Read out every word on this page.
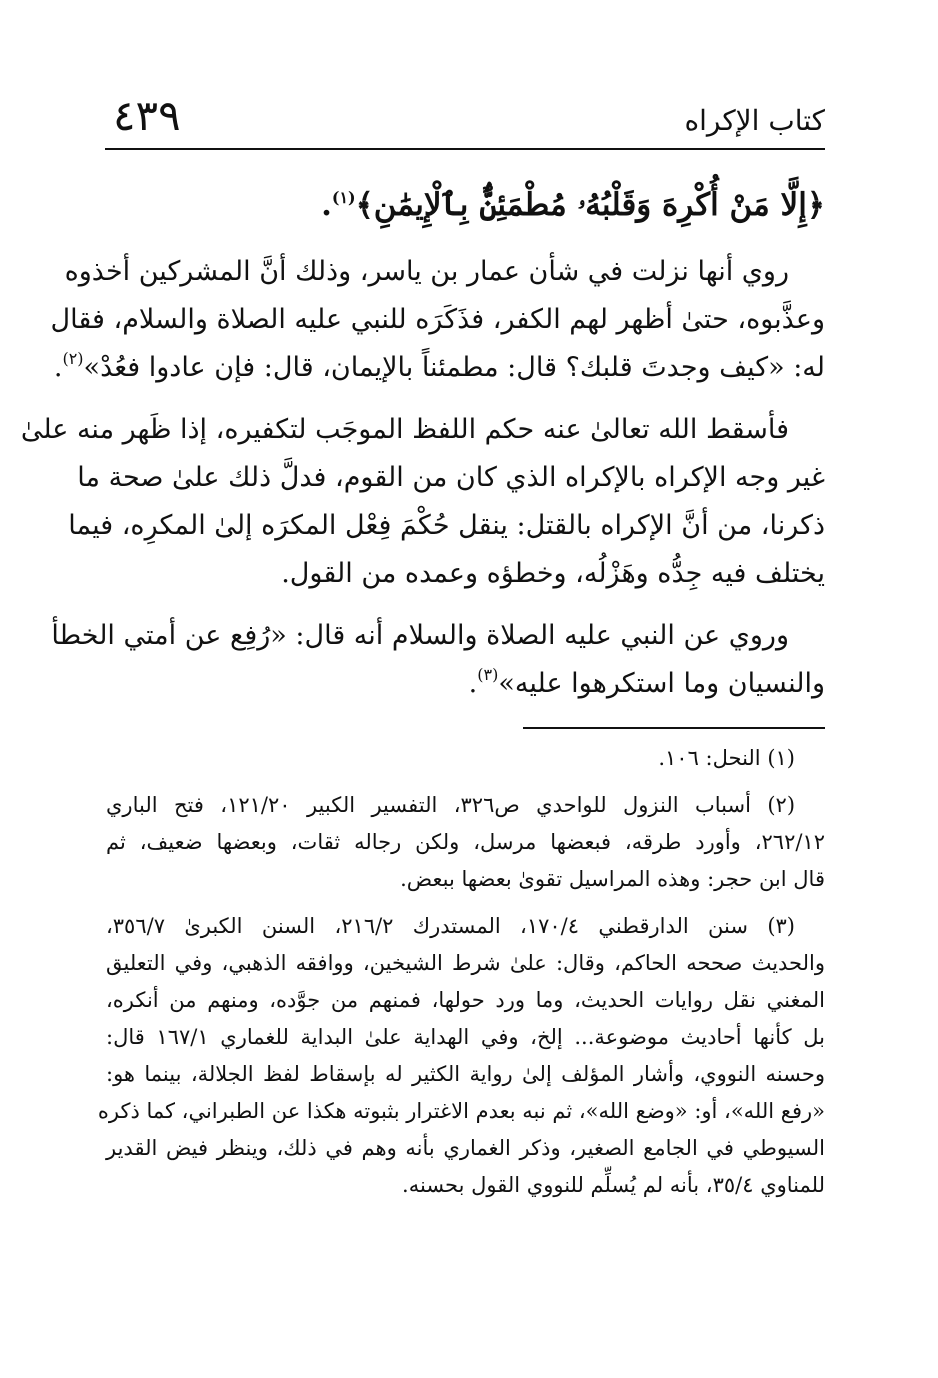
كتاب الإكراه
٤٣٩
﴿إِلَّا مَنْ أُكْرِهَ وَقَلْبُهُۥ مُطْمَئِنٌّۢ بِٱلْإِيمَٰنِ﴾$^{(١)}$.
روي أنها نزلت في شأن عمار بن ياسر، وذلك أنَّ المشركين أخذوه
وعذَّبوه، حتىٰ أظهر لهم الكفر، فذَكَرَه للنبي عليه الصلاة والسلام، فقال
له: «كيف وجدتَ قلبك؟ قال: مطمئناً بالإيمان، قال: فإن عادوا فعُدْ»$^{(٢)}$.
فأسقط الله تعالىٰ عنه حكم اللفظ الموجَب لتكفيره، إذا ظَهر منه علىٰ
غير وجه الإكراه بالإكراه الذي كان من القوم، فدلَّ ذلك علىٰ صحة ما
ذكرنا، من أنَّ الإكراه بالقتل: ينقل حُكْمَ فِعْل المكرَه إلىٰ المكرِه، فيما
يختلف فيه جِدُّه وهَزْلُه، وخطؤه وعمده من القول.
وروي عن النبي عليه الصلاة والسلام أنه قال: «رُفِع عن أمتي الخطأ
والنسيان وما استكرهوا عليه»$^{(٣)}$.
(١) النحل: ١٠٦.
(٢) أسباب النزول للواحدي ص٣٢٦، التفسير الكبير ١٢١/٢٠، فتح الباري
٢٦٢/١٢، وأورد طرقه، فبعضها مرسل، ولكن رجاله ثقات، وبعضها ضعيف، ثم
قال ابن حجر: وهذه المراسيل تقوىٰ بعضها ببعض.
(٣) سنن الدارقطني ١٧٠/٤، المستدرك ٢١٦/٢، السنن الكبرىٰ ٣٥٦/٧،
والحديث صححه الحاكم، وقال: علىٰ شرط الشيخين، ووافقه الذهبي، وفي التعليق
المغني نقل روايات الحديث، وما ورد حولها، فمنهم من جوَّده، ومنهم من أنكره،
بل كأنها أحاديث موضوعة... إلخ، وفي الهداية علىٰ البداية للغماري ١٦٧/١ قال:
وحسنه النووي، وأشار المؤلف إلىٰ رواية الكثير له بإسقاط لفظ الجلالة، بينما هو:
«رفع الله»، أو: «وضع الله»، ثم نبه بعدم الاغترار بثبوته هكذا عن الطبراني، كما ذكره
السيوطي في الجامع الصغير، وذكر الغماري بأنه وهم في ذلك، وينظر فيض القدير
للمناوي ٣٥/٤، بأنه لم يُسلِّم للنووي القول بحسنه.
